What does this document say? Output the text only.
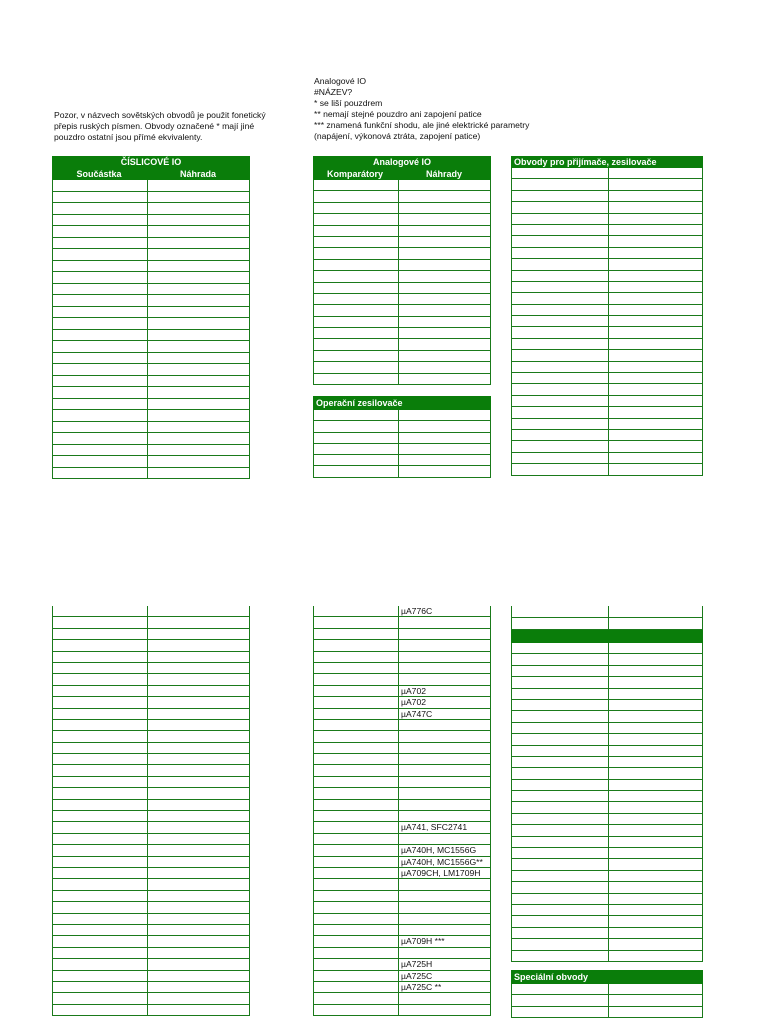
Pozor, v názvech sovětských obvodů je použit fonetický
přepis ruských písmen. Obvody označené * mají jiné
pouzdro ostatní jsou přímé ekvivalenty.
Analogové IO
#NÁZEV?
* se liší pouzdrem
** nemají stejné pouzdro ani zapojení patice
*** znamená funkční shodu, ale jiné elektrické parametry
(napájení, výkonová ztráta, zapojení patice)
ČÍSLICOVÉ IO
Součástka	Náhrada
Analogové IO
Komparátory	Náhrady
Obvody pro přijímače, zesilovače
Operační zesilovače
Speciální obvody
µA776C
µA702
µA702
µA747C
µA741, SFC2741
µA740H, MC1556G
µA740H, MC1556G**
µA709CH, LM1709H
µA709H ***
µA725H
µA725C
µA725C **
